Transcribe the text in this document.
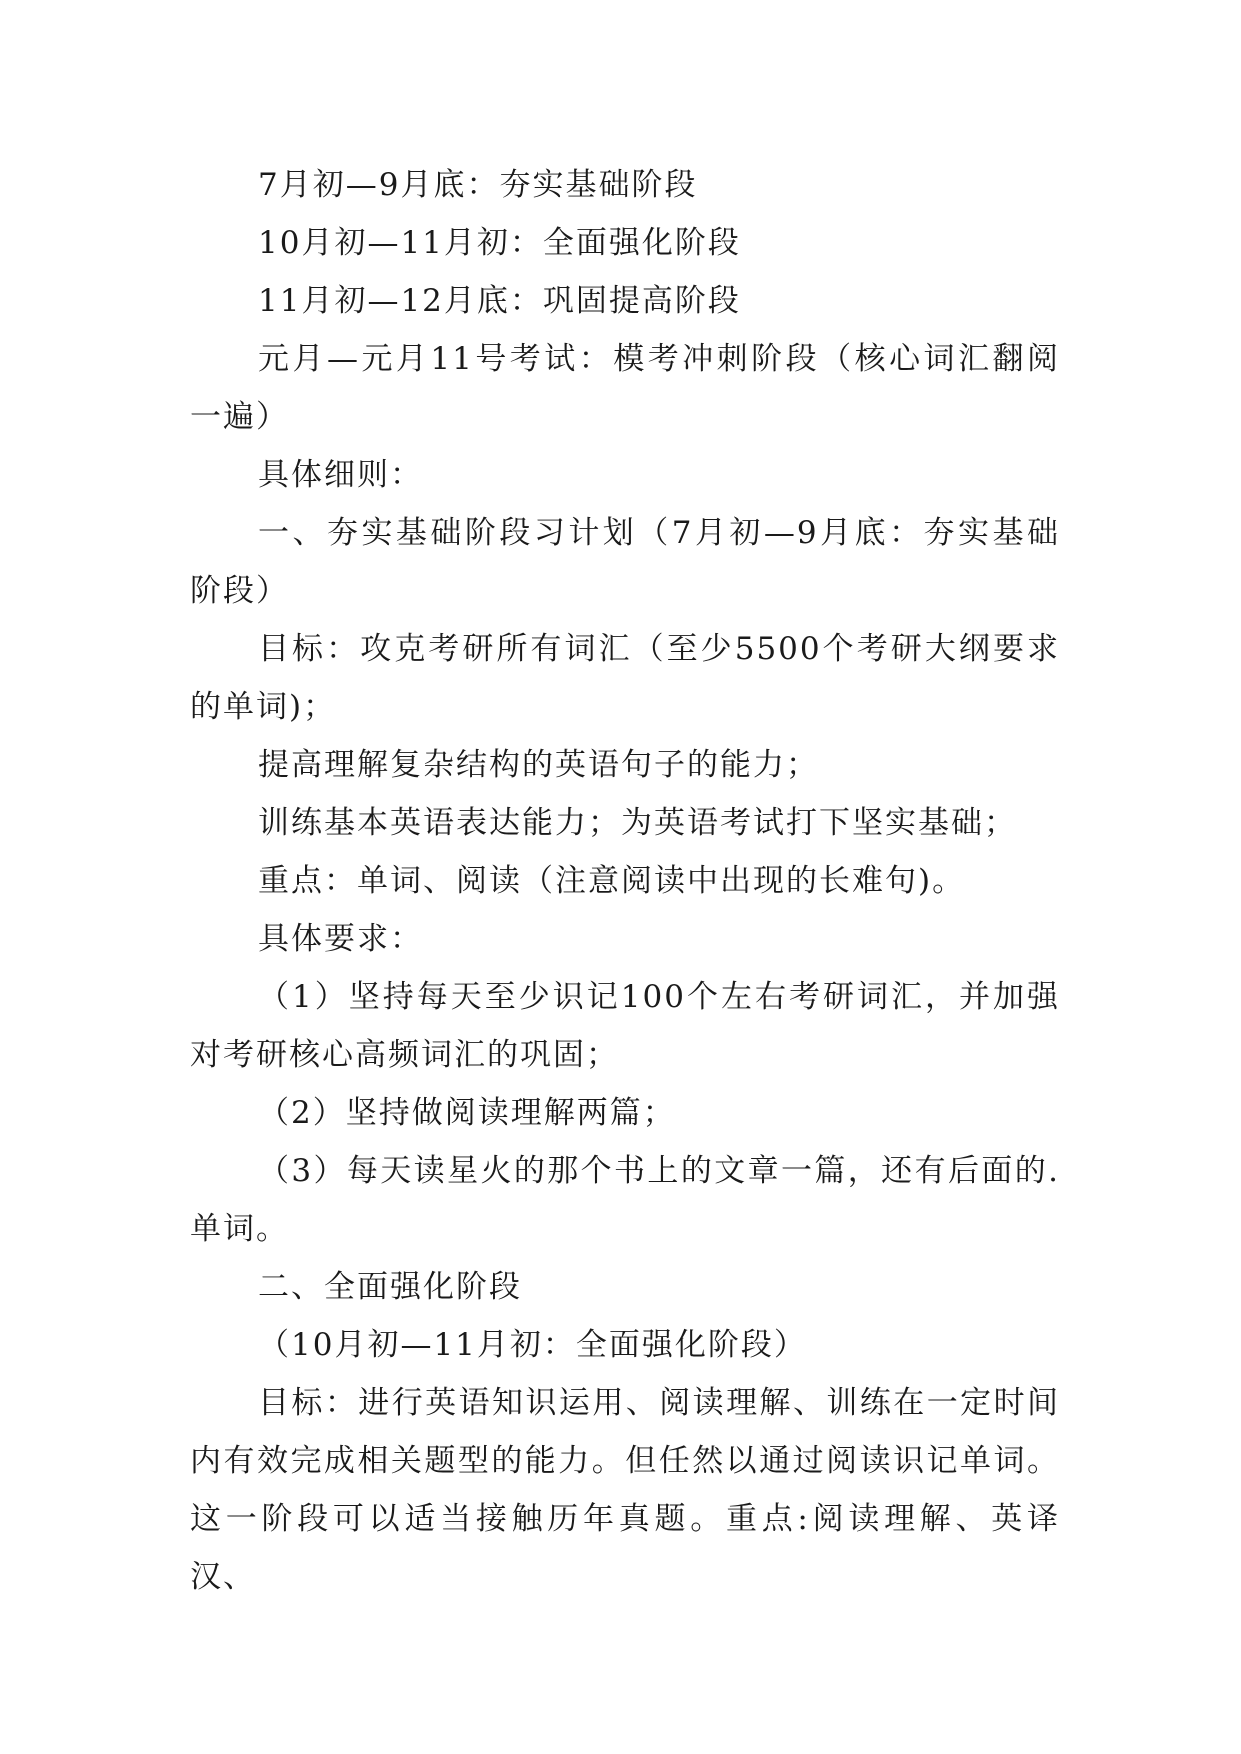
7月初—9月底：夯实基础阶段

10月初—11月初：全面强化阶段

11月初—12月底：巩固提高阶段

元月—元月11号考试：模考冲刺阶段（核心词汇翻阅一遍）

具体细则：

一、夯实基础阶段习计划（7月初—9月底：夯实基础阶段）

目标：攻克考研所有词汇（至少5500个考研大纲要求的单词)；

提高理解复杂结构的英语句子的能力；

训练基本英语表达能力；为英语考试打下坚实基础；

重点：单词、阅读（注意阅读中出现的长难句)。

具体要求：

（1）坚持每天至少识记100个左右考研词汇，并加强对考研核心高频词汇的巩固；

（2）坚持做阅读理解两篇；

（3）每天读星火的那个书上的文章一篇，还有后面的.单词。

二、全面强化阶段

（10月初—11月初：全面强化阶段）

目标：进行英语知识运用、阅读理解、训练在一定时间内有效完成相关题型的能力。但任然以通过阅读识记单词。这一阶段可以适当接触历年真题。重点:阅读理解、英译汉、
